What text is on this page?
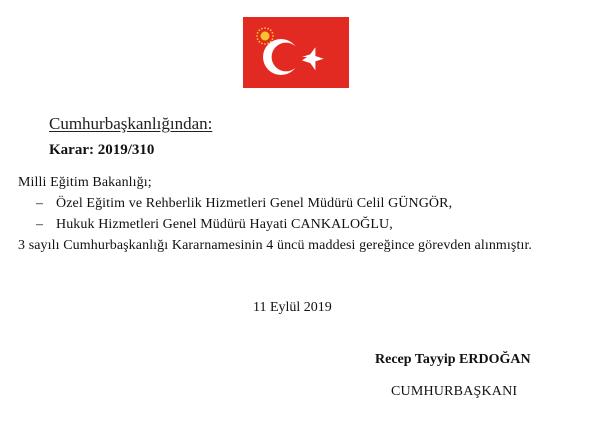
Cumhurbaşkanlığından:
Karar: 2019/310
Milli Eğitim Bakanlığı;
– Özel Eğitim ve Rehberlik Hizmetleri Genel Müdürü Celil GÜNGÖR,
– Hukuk Hizmetleri Genel Müdürü Hayati CANKALOĞLU,
3 sayılı Cumhurbaşkanlığı Kararnamesinin 4 üncü maddesi gereğince görevden alınmıştır.
11 Eylül 2019
Recep Tayyip ERDOĞAN
CUMHURBAŞKANI
